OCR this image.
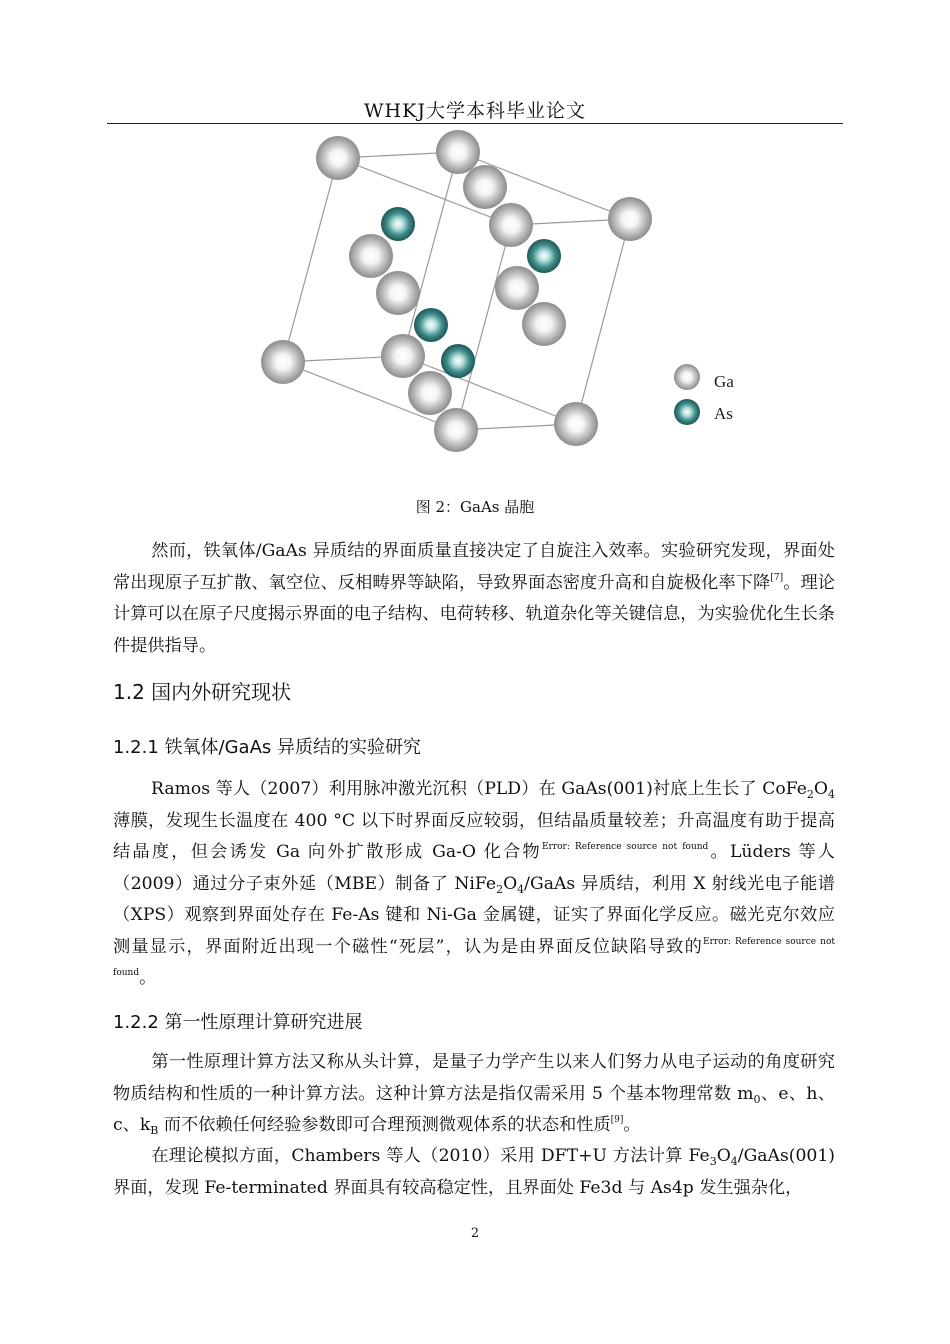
WHKJ大学本科毕业论文
Ga
As
图 2：GaAs 晶胞
然而，铁氧体/GaAs 异质结的界面质量直接决定了自旋注入效率。实验研究发现，界面处常出现原子互扩散、氧空位、反相畴界等缺陷，导致界面态密度升高和自旋极化率下降[7]。理论计算可以在原子尺度揭示界面的电子结构、电荷转移、轨道杂化等关键信息，为实验优化生长条件提供指导。
1.2 国内外研究现状
1.2.1 铁氧体/GaAs 异质结的实验研究
Ramos 等人（2007）利用脉冲激光沉积（PLD）在 GaAs(001)衬底上生长了 $CoFe_2O_4$ 薄膜，发现生长温度在 400 °C 以下时界面反应较弱，但结晶质量较差；升高温度有助于提高结晶度，但会诱发 Ga 向外扩散形成 Ga-O 化合物$^{Error: Reference source not found}$。Lüders 等人（2009）通过分子束外延（MBE）制备了 $NiFe_2O_4$/GaAs 异质结，利用 X 射线光电子能谱（XPS）观察到界面处存在 Fe-As 键和 Ni-Ga 金属键，证实了界面化学反应。磁光克尔效应测量显示，界面附近出现一个磁性“死层”，认为是由界面反位缺陷导致的$^{Error: Reference source not found}$。
1.2.2 第一性原理计算研究进展
第一性原理计算方法又称从头计算，是量子力学产生以来人们努力从电子运动的角度研究物质结构和性质的一种计算方法。这种计算方法是指仅需采用 5 个基本物理常数 $m_0$、e、h、c、$k_B$ 而不依赖任何经验参数即可合理预测微观体系的状态和性质[9]。
在理论模拟方面，Chambers 等人（2010）采用 DFT+U 方法计算 $Fe_3O_4/GaAs(001)$界面，发现 Fe-terminated 界面具有较高稳定性，且界面处 Fe3d 与 As4p 发生强杂化，
2
